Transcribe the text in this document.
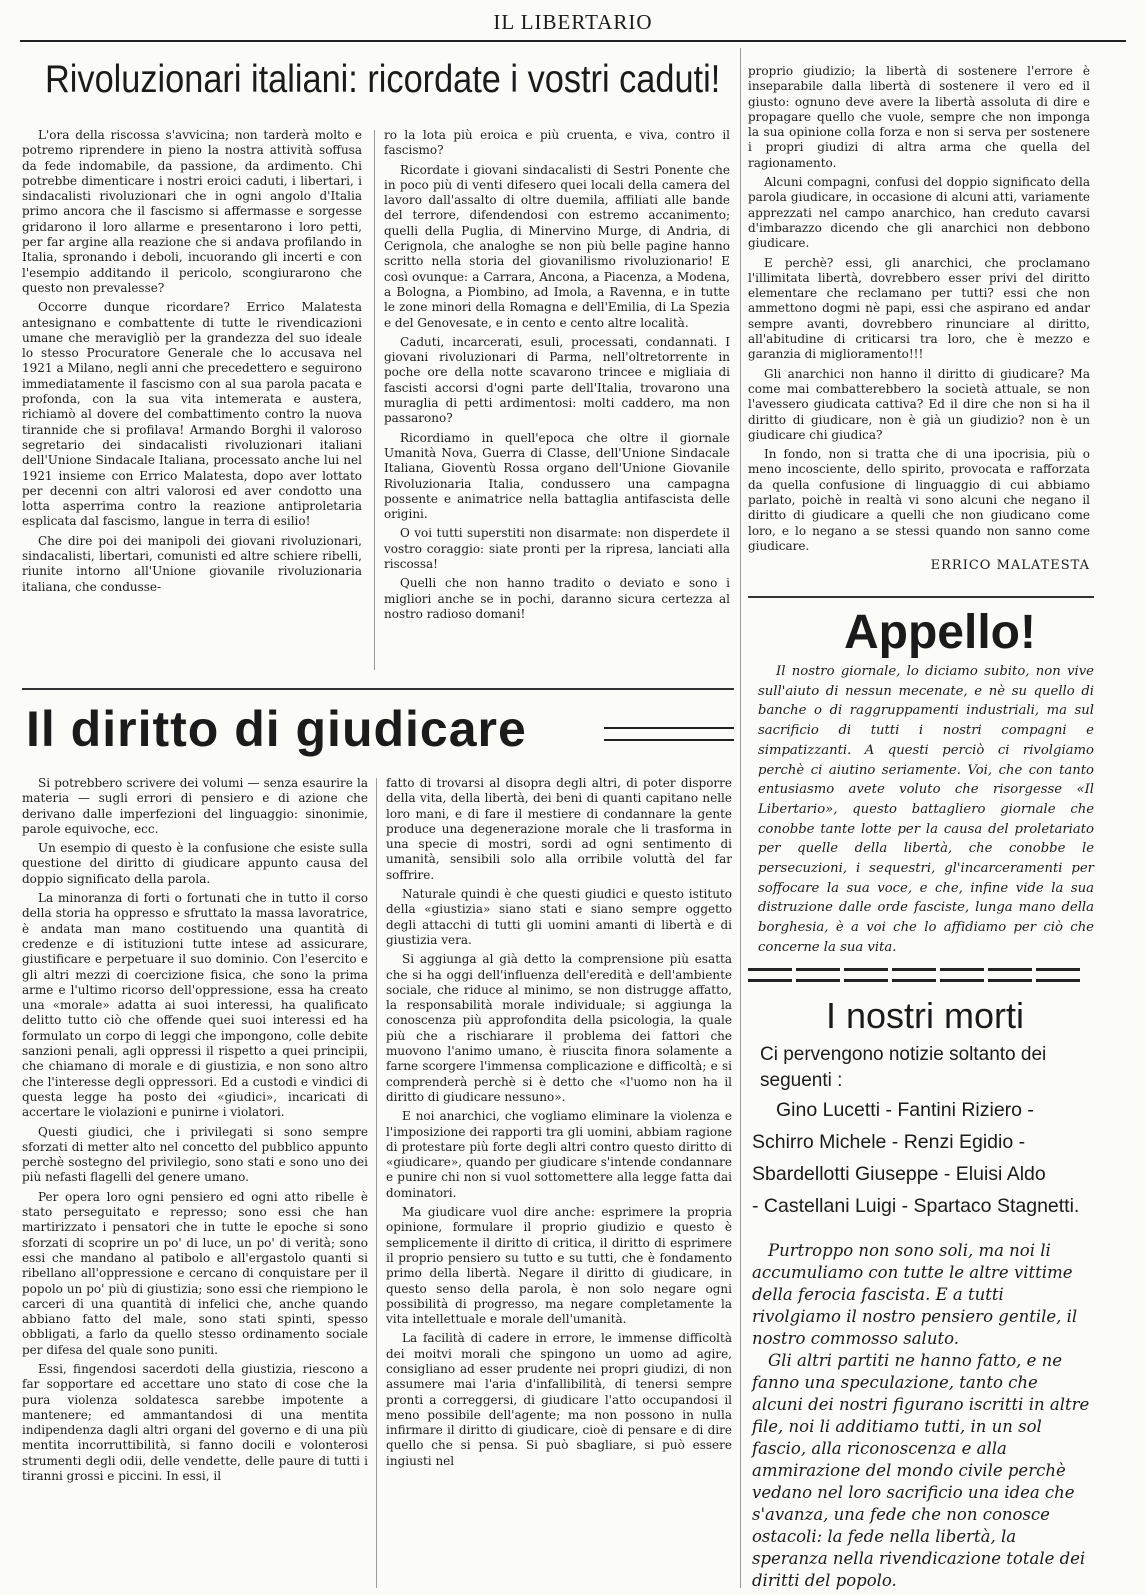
IL LIBERTARIO
Rivoluzionari italiani: ricordate i vostri caduti!

L'ora della riscossa s'avvicina; non tarderà molto e potremo riprendere in pieno la nostra attività soffusa da fede indomabile, da passione, da ardimento. Chi potrebbe dimenticare i nostri eroici caduti, i libertari, i sindacalisti rivoluzionari che in ogni angolo d'Italia primo ancora che il fascismo si affermasse e sorgesse gridarono il loro allarme e presentarono i loro petti, per far argine alla reazione che si andava profilando in Italia, spronando i deboli, incuorando gli incerti e con l'esempio additando il pericolo, scongiurarono che questo non prevalesse?

Occorre dunque ricordare? Errico Malatesta antesignano e combattente di tutte le rivendicazioni umane che meravigliò per la grandezza del suo ideale lo stesso Procuratore Generale che lo accusava nel 1921 a Milano, negli anni che precedettero e seguirono immediatamente il fascismo con al sua parola pacata e profonda, con la sua vita intemerata e austera, richiamò al dovere del combattimento contro la nuova tirannide che si profilava! Armando Borghi il valoroso segretario dei sindacalisti rivoluzionari italiani dell'Unione Sindacale Italiana, processato anche lui nel 1921 insieme con Errico Malatesta, dopo aver lottato per decenni con altri valorosi ed aver condotto una lotta asperrima contro la reazione antiproletaria esplicata dal fascismo, langue in terra di esilio!

Che dire poi dei manipoli dei giovani rivoluzionari, sindacalisti, libertari, comunisti ed altre schiere ribelli, riunite intorno all'Unione giovanile rivoluzionaria italiana, che condusse-

ro la lota più eroica e più cruenta, e viva, contro il fascismo?

Ricordate i giovani sindacalisti di Sestri Ponente che in poco più di venti difesero quei locali della camera del lavoro dall'assalto di oltre duemila, affiliati alle bande del terrore, difendendosi con estremo accanimento; quelli della Puglia, di Minervino Murge, di Andria, di Cerignola, che analoghe se non più belle pagine hanno scritto nella storia del giovanilismo rivoluzionario! E così ovunque: a Carrara, Ancona, a Piacenza, a Modena, a Bologna, a Piombino, ad Imola, a Ravenna, e in tutte le zone minori della Romagna e dell'Emilia, di La Spezia e del Genovesate, e in cento e cento altre località.

Caduti, incarcerati, esuli, processati, condannati. I giovani rivoluzionari di Parma, nell'oltretorrente in poche ore della notte scavarono trincee e migliaia di fascisti accorsi d'ogni parte dell'Italia, trovarono una muraglia di petti ardimentosi: molti caddero, ma non passarono?

Ricordiamo in quell'epoca che oltre il giornale Umanità Nova, Guerra di Classe, dell'Unione Sindacale Italiana, Gioventù Rossa organo dell'Unione Giovanile Rivoluzionaria Italia, condussero una campagna possente e animatrice nella battaglia antifascista delle origini.

O voi tutti superstiti non disarmate: non disperdete il vostro coraggio: siate pronti per la ripresa, lanciati alla riscossa!

Quelli che non hanno tradito o deviato e sono i migliori anche se in pochi, daranno sicura certezza al nostro radioso domani!

proprio giudizio; la libertà di sostenere l'errore è inseparabile dalla libertà di sostenere il vero ed il giusto: ognuno deve avere la libertà assoluta di dire e propagare quello che vuole, sempre che non imponga la sua opinione colla forza e non si serva per sostenere i propri giudizi di altra arma che quella del ragionamento.

Alcuni compagni, confusi del doppio significato della parola giudicare, in occasione di alcuni atti, variamente apprezzati nel campo anarchico, han creduto cavarsi d'imbarazzo dicendo che gli anarchici non debbono giudicare.

E perchè? essi, gli anarchici, che proclamano l'illimitata libertà, dovrebbero esser privi del diritto elementare che reclamano per tutti? essi che non ammettono dogmi nè papi, essi che aspirano ed andar sempre avanti, dovrebbero rinunciare al diritto, all'abitudine di criticarsi tra loro, che è mezzo e garanzia di miglioramento!!!

Gli anarchici non hanno il diritto di giudicare? Ma come mai combatterebbero la società attuale, se non l'avessero giudicata cattiva? Ed il dire che non si ha il diritto di giudicare, non è già un giudizio? non è un giudicare chi giudica?

In fondo, non si tratta che di una ipocrisia, più o meno incosciente, dello spirito, provocata e rafforzata da quella confusione di linguaggio di cui abbiamo parlato, poichè in realtà vi sono alcuni che negano il diritto di giudicare a quelli che non giudicano come loro, e lo negano a se stessi quando non sanno come giudicare.

ERRICO MALATESTA
Appello!

Il nostro giornale, lo diciamo subito, non vive sull'aiuto di nessun mecenate, e nè su quello di banche o di raggruppamenti industriali, ma sul sacrificio di tutti i nostri compagni e simpatizzanti. A questi perciò ci rivolgiamo perchè ci aiutino seriamente. Voi, che con tanto entusiasmo avete voluto che risorgesse «Il Libertario», questo battagliero giornale che conobbe tante lotte per la causa del proletariato per quelle della libertà, che conobbe le persecuzioni, i sequestri, gl'incarceramenti per soffocare la sua voce, e che, infine vide la sua distruzione dalle orde fasciste, lunga mano della borghesia, è a voi che lo affidiamo per ciò che concerne la sua vita.

I nostri morti
Ci pervengono notizie soltanto dei seguenti :
Gino Lucetti - Fantini Riziero -
Schirro Michele - Renzi Egidio -
Sbardellotti Giuseppe - Eluisi Aldo
- Castellani Luigi - Spartaco Stagnetti.

Purtroppo non sono soli, ma noi li accumuliamo con tutte le altre vittime della ferocia fascista. E a tutti rivolgiamo il nostro pensiero gentile, il nostro commosso saluto.

Gli altri partiti ne hanno fatto, e ne fanno una speculazione, tanto che alcuni dei nostri figurano iscritti in altre file, noi li additiamo tutti, in un sol fascio, alla riconoscenza e alla ammirazione del mondo civile perchè vedano nel loro sacrificio una idea che s'avanza, una fede che non conosce ostacoli: la fede nella libertà, la speranza nella rivendicazione totale dei diritti del popolo.

Il diritto di giudicare

Si potrebbero scrivere dei volumi — senza esaurire la materia — sugli errori di pensiero e di azione che derivano dalle imperfezioni del linguaggio: sinonimie, parole equivoche, ecc.

Un esempio di questo è la confusione che esiste sulla questione del diritto di giudicare appunto causa del doppio significato della parola.

La minoranza di forti o fortunati che in tutto il corso della storia ha oppresso e sfruttato la massa lavoratrice, è andata man mano costituendo una quantità di credenze e di istituzioni tutte intese ad assicurare, giustificare e perpetuare il suo dominio. Con l'esercito e gli altri mezzi di coercizione fisica, che sono la prima arme e l'ultimo ricorso dell'oppressione, essa ha creato una «morale» adatta ai suoi interessi, ha qualificato delitto tutto ciò che offende quei suoi interessi ed ha formulato un corpo di leggi che impongono, colle debite sanzioni penali, agli oppressi il rispetto a quei principii, che chiamano di morale e di giustizia, e non sono altro che l'interesse degli oppressori. Ed a custodi e vindici di questa legge ha posto dei «giudici», incaricati di accertare le violazioni e punirne i violatori.

Questi giudici, che i privilegati si sono sempre sforzati di metter alto nel concetto del pubblico appunto perchè sostegno del privilegio, sono stati e sono uno dei più nefasti flagelli del genere umano.

Per opera loro ogni pensiero ed ogni atto ribelle è stato perseguitato e represso; sono essi che han martirizzato i pensatori che in tutte le epoche si sono sforzati di scoprire un po' di luce, un po' di verità; sono essi che mandano al patibolo e all'ergastolo quanti si ribellano all'oppressione e cercano di conquistare per il popolo un po' più di giustizia; sono essi che riempiono le carceri di una quantità di infelici che, anche quando abbiano fatto del male, sono stati spinti, spesso obbligati, a farlo da quello stesso ordinamento sociale per difesa del quale sono puniti.

Essi, fingendosi sacerdoti della giustizia, riescono a far sopportare ed accettare uno stato di cose che la pura violenza soldatesca sarebbe impotente a mantenere; ed ammantandosi di una mentita indipendenza dagli altri organi del governo e di una più mentita incorruttibilità, si fanno docili e volonterosi strumenti degli odii, delle vendette, delle paure di tutti i tiranni grossi e piccini. In essi, il

fatto di trovarsi al disopra degli altri, di poter disporre della vita, della libertà, dei beni di quanti capitano nelle loro mani, e di fare il mestiere di condannare la gente produce una degenerazione morale che li trasforma in una specie di mostri, sordi ad ogni sentimento di umanità, sensibili solo alla orribile voluttà del far soffrire.

Naturale quindi è che questi giudici e questo istituto della «giustizia» siano stati e siano sempre oggetto degli attacchi di tutti gli uomini amanti di libertà e di giustizia vera.

Si aggiunga al già detto la comprensione più esatta che si ha oggi dell'influenza dell'eredità e dell'ambiente sociale, che riduce al minimo, se non distrugge affatto, la responsabilità morale individuale; si aggiunga la conoscenza più approfondita della psicologia, la quale più che a rischiarare il problema dei fattori che muovono l'animo umano, è riuscita finora solamente a farne scorgere l'immensa complicazione e difficoltà; e si comprenderà perchè si è detto che «l'uomo non ha il diritto di giudicare nessuno».

E noi anarchici, che vogliamo eliminare la violenza e l'imposizione dei rapporti tra gli uomini, abbiam ragione di protestare più forte degli altri contro questo diritto di «giudicare», quando per giudicare s'intende condannare e punire chi non si vuol sottomettere alla legge fatta dai dominatori.

Ma giudicare vuol dire anche: esprimere la propria opinione, formulare il proprio giudizio e questo è semplicemente il diritto di critica, il diritto di esprimere il proprio pensiero su tutto e su tutti, che è fondamento primo della libertà. Negare il diritto di giudicare, in questo senso della parola, è non solo negare ogni possibilità di progresso, ma negare completamente la vita intellettuale e morale dell'umanità.

La facilità di cadere in errore, le immense difficoltà dei moitvi morali che spingono un uomo ad agire, consigliano ad esser prudente nei propri giudizi, di non assumere mai l'aria d'infallibilità, di tenersi sempre pronti a correggersi, di giudicare l'atto occupandosi il meno possibile dell'agente; ma non possono in nulla infirmare il diritto di giudicare, cioè di pensare e di dire quello che si pensa. Si può sbagliare, si può essere ingiusti nel
